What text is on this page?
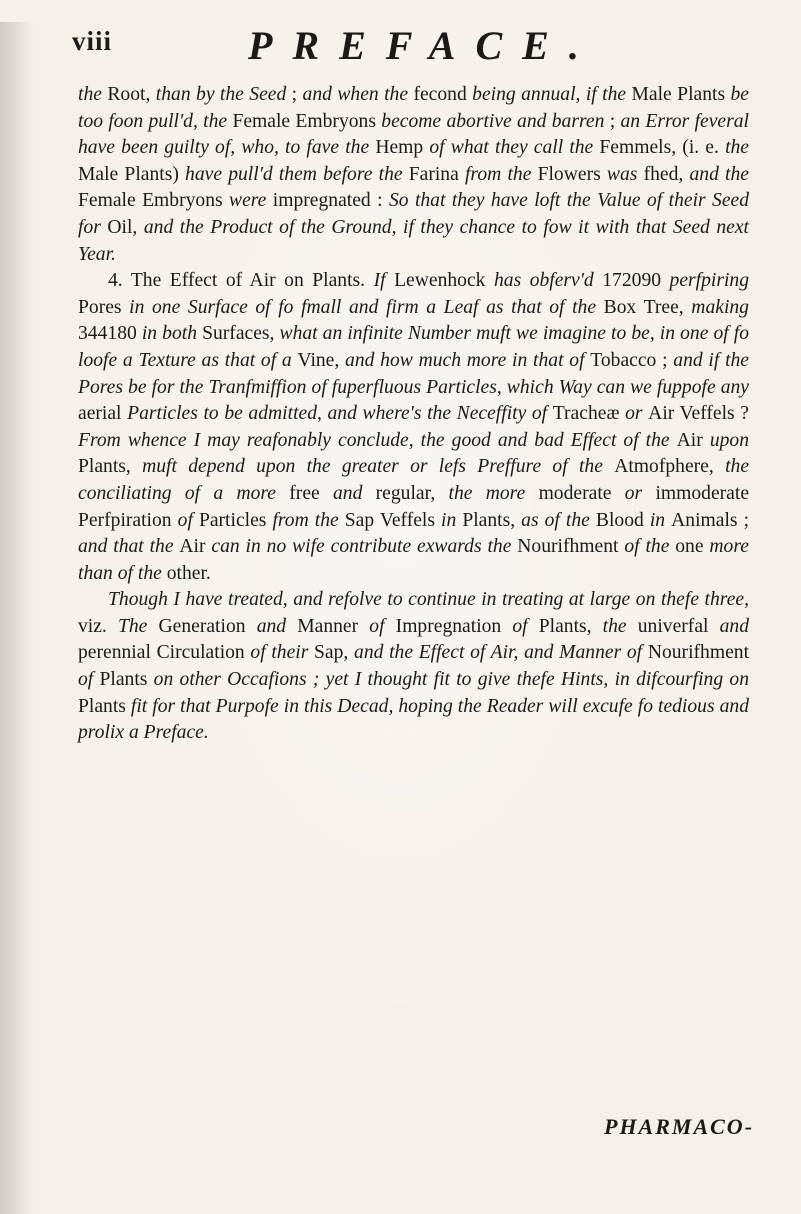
viii	PREFACE.

the Root, than by the Seed ; and when the fecond being annual, if the Male Plants be too foon pull'd, the Female Embryons become abortive and barren ; an Error feveral have been guilty of, who, to fave the Hemp of what they call the Femmels, (i. e. the Male Plants) have pull'd them before the Farina from the Flowers was fhed, and the Female Embryons were impregnated : So that they have loft the Value of their Seed for Oil, and the Product of the Ground, if they chance to fow it with that Seed next Year.

4. The Effect of Air on Plants. If Lewenhock has obferv'd 172090 perfpiring Pores in one Surface of fo fmall and firm a Leaf as that of the Box Tree, making 344180 in both Surfaces, what an infinite Number muft we imagine to be, in one of fo loofe a Texture as that of a Vine, and how much more in that of Tobacco ; and if the Pores be for the Tranfmiffion of fuperfluous Particles, which Way can we fuppofe any aerial Particles to be admitted, and where's the Neceffity of Tracheæ or Air Veffels ? From whence I may reafonably conclude, the good and bad Effect of the Air upon Plants, muft depend upon the greater or lefs Preffure of the Atmofphere, the conciliating of a more free and regular, the more moderate or immoderate Perfpiration of Particles from the Sap Veffels in Plants, as of the Blood in Animals ; and that the Air can in no wife contribute exwards the Nourifhment of the one more than of the other.

Though I have treated, and refolve to continue in treating at large on thefe three, viz. The Generation and Manner of Impregnation of Plants, the univerfal and perennial Circulation of their Sap, and the Effect of Air, and Manner of Nourifhment of Plants on other Occafions ; yet I thought fit to give thefe Hints, in difcourfing on Plants fit for that Purpofe in this Decad, hoping the Reader will excufe fo tedious and prolix a Preface.

PHARMACO-
